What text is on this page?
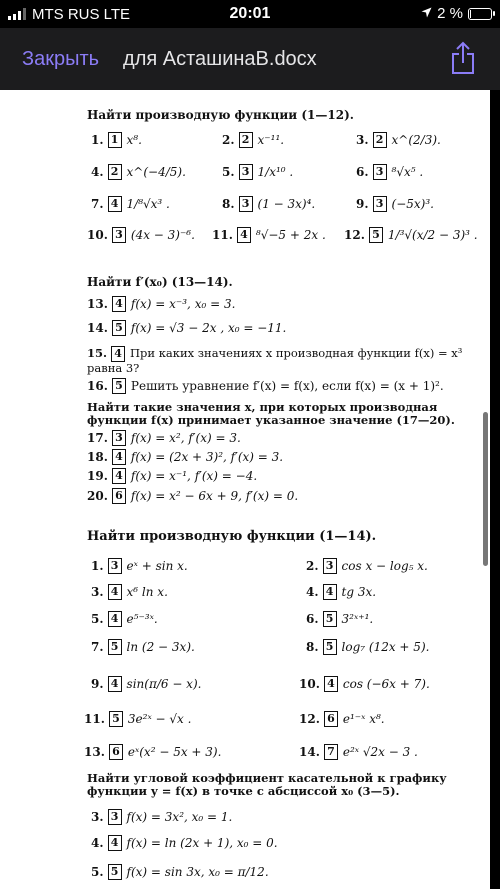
MTS RUS LTE	20:01	2 %
Закрыть для АсташинаВ.docx
Найти производную функции (1—12).
1. 1 x⁸.	2. 2 x⁻¹¹.	3. 2 x^(2/3).
4. 2 x^(−4/5).	5. 3 1/x¹⁰ .	6. 3 ⁸√x⁵ .
7. 4 1/⁸√x³ .	8. 3 (1 − 3x)⁴.	9. 3 (−5x)³.
10. 3 (4x − 3)⁻⁶. 11. 4 ⁸√−5 + 2x . 12. 5 1/³√(x/2 − 3)³ .
Найти f′(x₀) (13—14).
13. 4 f(x) = x⁻³, x₀ = 3.
14. 5 f(x) = √3 − 2x , x₀ = −11.
15. 4 При каких значениях x производная функции f(x) = x³ равна 3?
16. 5 Решить уравнение f′(x) = f(x), если f(x) = (x + 1)².
Найти такие значения x, при которых производная функции f(x) принимает указанное значение (17—20).
17. 3 f(x) = x², f′(x) = 3.
18. 4 f(x) = (2x + 3)², f′(x) = 3.
19. 4 f(x) = x⁻¹, f′(x) = −4.
20. 6 f(x) = x² − 6x + 9, f′(x) = 0.
Найти производную функции (1—14).
1. 3 eˣ + sin x.	2. 3 cos x − log₅ x.
3. 4 x⁶ ln x.	4. 4 tg 3x.
5. 4 e⁵⁻³ˣ.	6. 5 3²ˣ⁺¹.
7. 5 ln (2 − 3x).	8. 5 log₇ (12x + 5).
9. 4 sin(π/6 − x).	10. 4 cos (−6x + 7).
11. 5 3e²ˣ − √x .	12. 6 e¹⁻ˣ x⁸.
13. 6 eˣ(x² − 5x + 3).	14. 7 e²ˣ √2x − 3 .
Найти угловой коэффициент касательной к графику функции y = f(x) в точке с абсциссой x₀ (3—5).
3. 3 f(x) = 3x², x₀ = 1.
4. 4 f(x) = ln (2x + 1), x₀ = 0.
5. 5 f(x) = sin 3x, x₀ = π/12.
